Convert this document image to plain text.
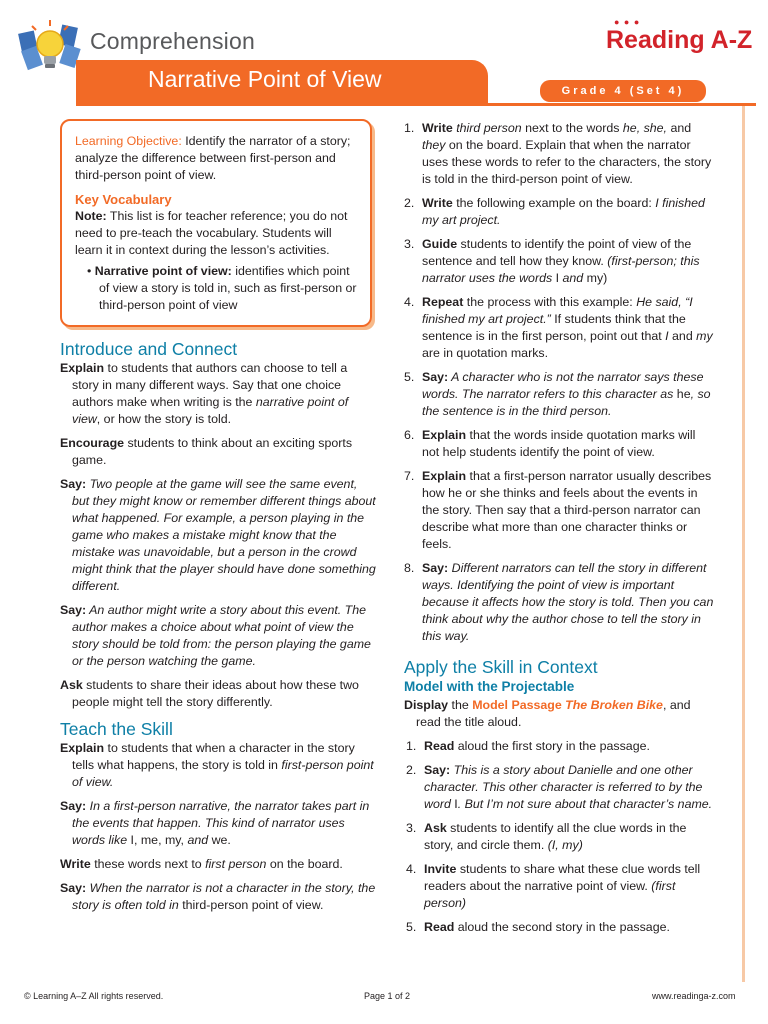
Comprehension
● ● ●
Reading A-Z
Narrative Point of View	Grade 4 (Set 4)

Learning Objective: Identify the narrator of a story; analyze the difference between first-person and third-person point of view.

Key Vocabulary

Note: This list is for teacher reference; you do not need to pre-teach the vocabulary. Students will learn it in context during the lesson’s activities.

• Narrative point of view: identifies which point of view a story is told in, such as first-person or third-person point of view

Introduce and Connect

Explain to students that authors can choose to tell a story in many different ways. Say that one choice authors make when writing is the narrative point of view, or how the story is told.

Encourage students to think about an exciting sports game.

Say: Two people at the game will see the same event, but they might know or remember different things about what happened. For example, a person playing in the game who makes a mistake might know that the mistake was unavoidable, but a person in the crowd might think that the player should have done something different.

Say: An author might write a story about this event. The author makes a choice about what point of view the story should be told from: the person playing the game or the person watching the game.

Ask students to share their ideas about how these two people might tell the story differently.

Teach the Skill

Explain to students that when a character in the story tells what happens, the story is told in first-person point of view.

Say: In a first-person narrative, the narrator takes part in the events that happen. This kind of narrator uses words like I, me, my, and we.

Write these words next to first person on the board.

Say: When the narrator is not a character in the story, the story is often told in third-person point of view.

1. Write third person next to the words he, she, and they on the board. Explain that when the narrator uses these words to refer to the characters, the story is told in the third-person point of view.
2. Write the following example on the board: I finished my art project.
3. Guide students to identify the point of view of the sentence and tell how they know. (first-person; this narrator uses the words I and my)
4. Repeat the process with this example: He said, “I finished my art project.” If students think that the sentence is in the first person, point out that I and my are in quotation marks.
5. Say: A character who is not the narrator says these words. The narrator refers to this character as he, so the sentence is in the third person.
6. Explain that the words inside quotation marks will not help students identify the point of view.
7. Explain that a first-person narrator usually describes how he or she thinks and feels about the events in the story. Then say that a third-person narrator can describe what more than one character thinks or feels.
8. Say: Different narrators can tell the story in different ways. Identifying the point of view is important because it affects how the story is told. Then you can think about why the author chose to tell the story in this way.

Apply the Skill in Context

Model with the Projectable

Display the Model Passage The Broken Bike, and read the title aloud.

1. Read aloud the first story in the passage.
2. Say: This is a story about Danielle and one other character. This other character is referred to by the word I. But I’m not sure about that character’s name.
3. Ask students to identify all the clue words in the story, and circle them. (I, my)
4. Invite students to share what these clue words tell readers about the narrative point of view. (first person)
5. Read aloud the second story in the passage.
© Learning A–Z All rights reserved.	Page 1 of 2	www.readinga-z.com
